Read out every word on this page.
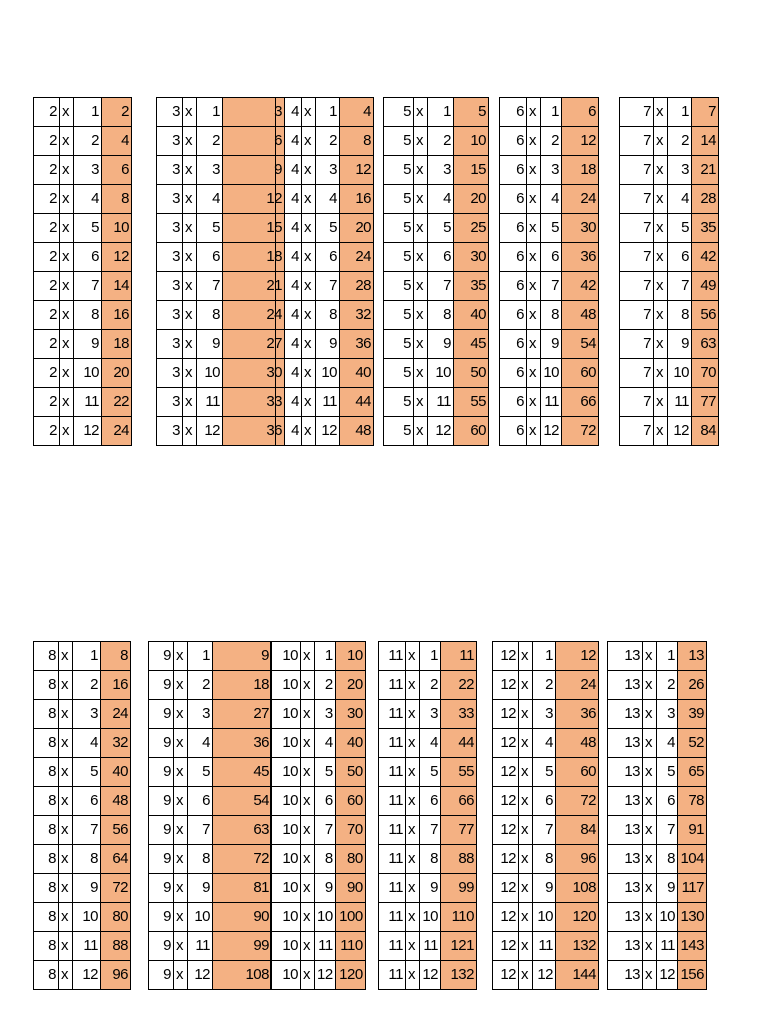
2	x	1	2
2	x	2	4
2	x	3	6
2	x	4	8
2	x	5	10
2	x	6	12
2	x	7	14
2	x	8	16
2	x	9	18
2	x	10	20
2	x	11	22
2	x	12	24
3	x	1	3
3	x	2	6
3	x	3	9
3	x	4	12
3	x	5	15
3	x	6	18
3	x	7	21
3	x	8	24
3	x	9	27
3	x	10	30
3	x	11	33
3	x	12	36
4	x	1	4
4	x	2	8
4	x	3	12
4	x	4	16
4	x	5	20
4	x	6	24
4	x	7	28
4	x	8	32
4	x	9	36
4	x	10	40
4	x	11	44
4	x	12	48
5	x	1	5
5	x	2	10
5	x	3	15
5	x	4	20
5	x	5	25
5	x	6	30
5	x	7	35
5	x	8	40
5	x	9	45
5	x	10	50
5	x	11	55
5	x	12	60
6	x	1	6
6	x	2	12
6	x	3	18
6	x	4	24
6	x	5	30
6	x	6	36
6	x	7	42
6	x	8	48
6	x	9	54
6	x	10	60
6	x	11	66
6	x	12	72
7	x	1	7
7	x	2	14
7	x	3	21
7	x	4	28
7	x	5	35
7	x	6	42
7	x	7	49
7	x	8	56
7	x	9	63
7	x	10	70
7	x	11	77
7	x	12	84
8	x	1	8
8	x	2	16
8	x	3	24
8	x	4	32
8	x	5	40
8	x	6	48
8	x	7	56
8	x	8	64
8	x	9	72
8	x	10	80
8	x	11	88
8	x	12	96
9	x	1	9
9	x	2	18
9	x	3	27
9	x	4	36
9	x	5	45
9	x	6	54
9	x	7	63
9	x	8	72
9	x	9	81
9	x	10	90
9	x	11	99
9	x	12	108
10	x	1	10
10	x	2	20
10	x	3	30
10	x	4	40
10	x	5	50
10	x	6	60
10	x	7	70
10	x	8	80
10	x	9	90
10	x	10	100
10	x	11	110
10	x	12	120
11	x	1	11
11	x	2	22
11	x	3	33
11	x	4	44
11	x	5	55
11	x	6	66
11	x	7	77
11	x	8	88
11	x	9	99
11	x	10	110
11	x	11	121
11	x	12	132
12	x	1	12
12	x	2	24
12	x	3	36
12	x	4	48
12	x	5	60
12	x	6	72
12	x	7	84
12	x	8	96
12	x	9	108
12	x	10	120
12	x	11	132
12	x	12	144
13	x	1	13
13	x	2	26
13	x	3	39
13	x	4	52
13	x	5	65
13	x	6	78
13	x	7	91
13	x	8	104
13	x	9	117
13	x	10	130
13	x	11	143
13	x	12	156
